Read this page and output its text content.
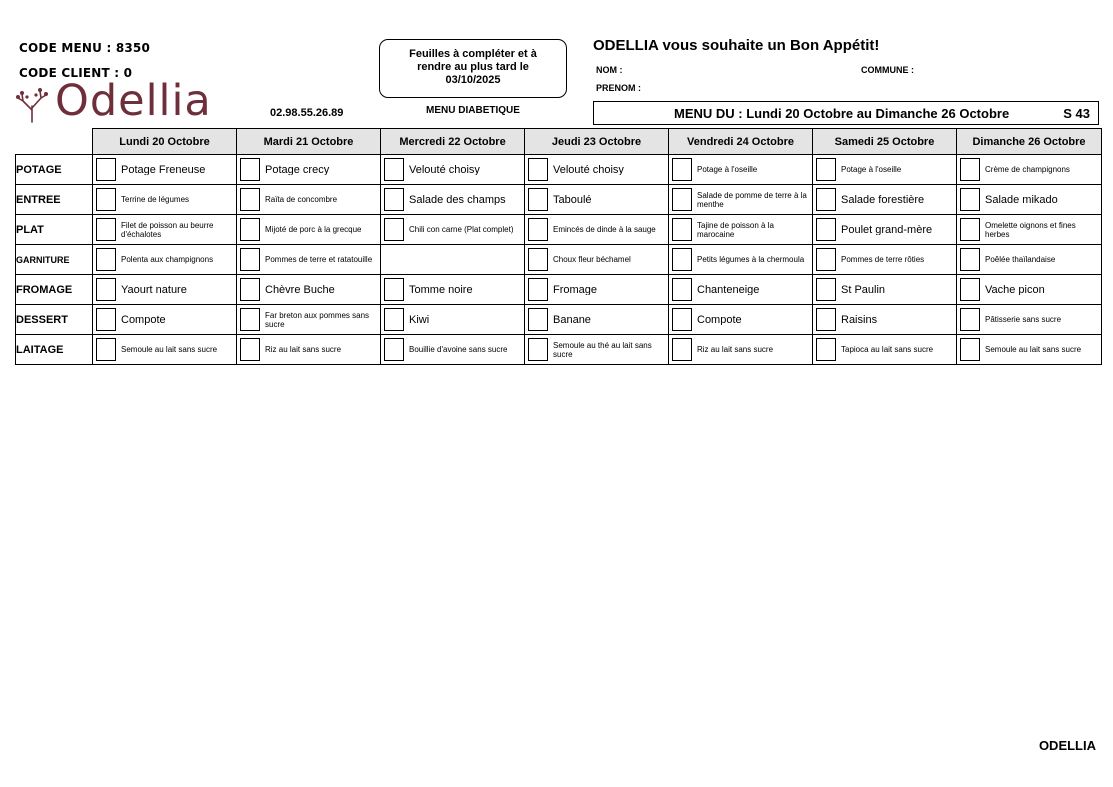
CODE MENU : 8350
CODE CLIENT : 0
Odellia	02.98.55.26.89
Feuilles à compléter et à
rendre au plus tard le
03/10/2025
MENU DIABETIQUE
ODELLIA vous souhaite un Bon Appétit!
NOM :
PRENOM :
COMMUNE :
MENU DU : Lundi 20 Octobre au Dimanche 26 Octobre	S 43
	Lundi 20 Octobre	Mardi 21 Octobre	Mercredi 22 Octobre	Jeudi 23 Octobre	Vendredi 24 Octobre	Samedi 25 Octobre	Dimanche 26 Octobre
POTAGE	Potage Freneuse	Potage crecy	Velouté choisy	Velouté choisy	Potage à l'oseille	Potage à l'oseille	Crème de champignons

ENTREE	Terrine de légumes	Raïta de concombre	Salade des champs	Taboulé	Salade de pomme de terre à la menthe	Salade forestière	Salade mikado

PLAT	Filet de poisson au beurre d'échalotes	Mijoté de porc à la grecque	Chili con carne (Plat complet)	Emincés de dinde à la sauge	Tajine de poisson à la marocaine	Poulet grand-mère	Omelette oignons et fines herbes

GARNITURE	Polenta aux champignons	Pommes de terre et ratatouille		Choux fleur béchamel	Petits légumes à la chermoula	Pommes de terre rôties	Poêlée thaïlandaise

FROMAGE	Yaourt nature	Chèvre Buche	Tomme noire	Fromage	Chanteneige	St Paulin	Vache picon

DESSERT	Compote	Far breton aux pommes sans sucre	Kiwi	Banane	Compote	Raisins	Pâtisserie sans sucre

LAITAGE	Semoule au lait sans sucre	Riz au lait sans sucre	Bouillie d'avoine sans sucre	Semoule au thé au lait sans sucre	Riz au lait sans sucre	Tapioca au lait sans sucre	Semoule au lait sans sucre
ODELLIA
